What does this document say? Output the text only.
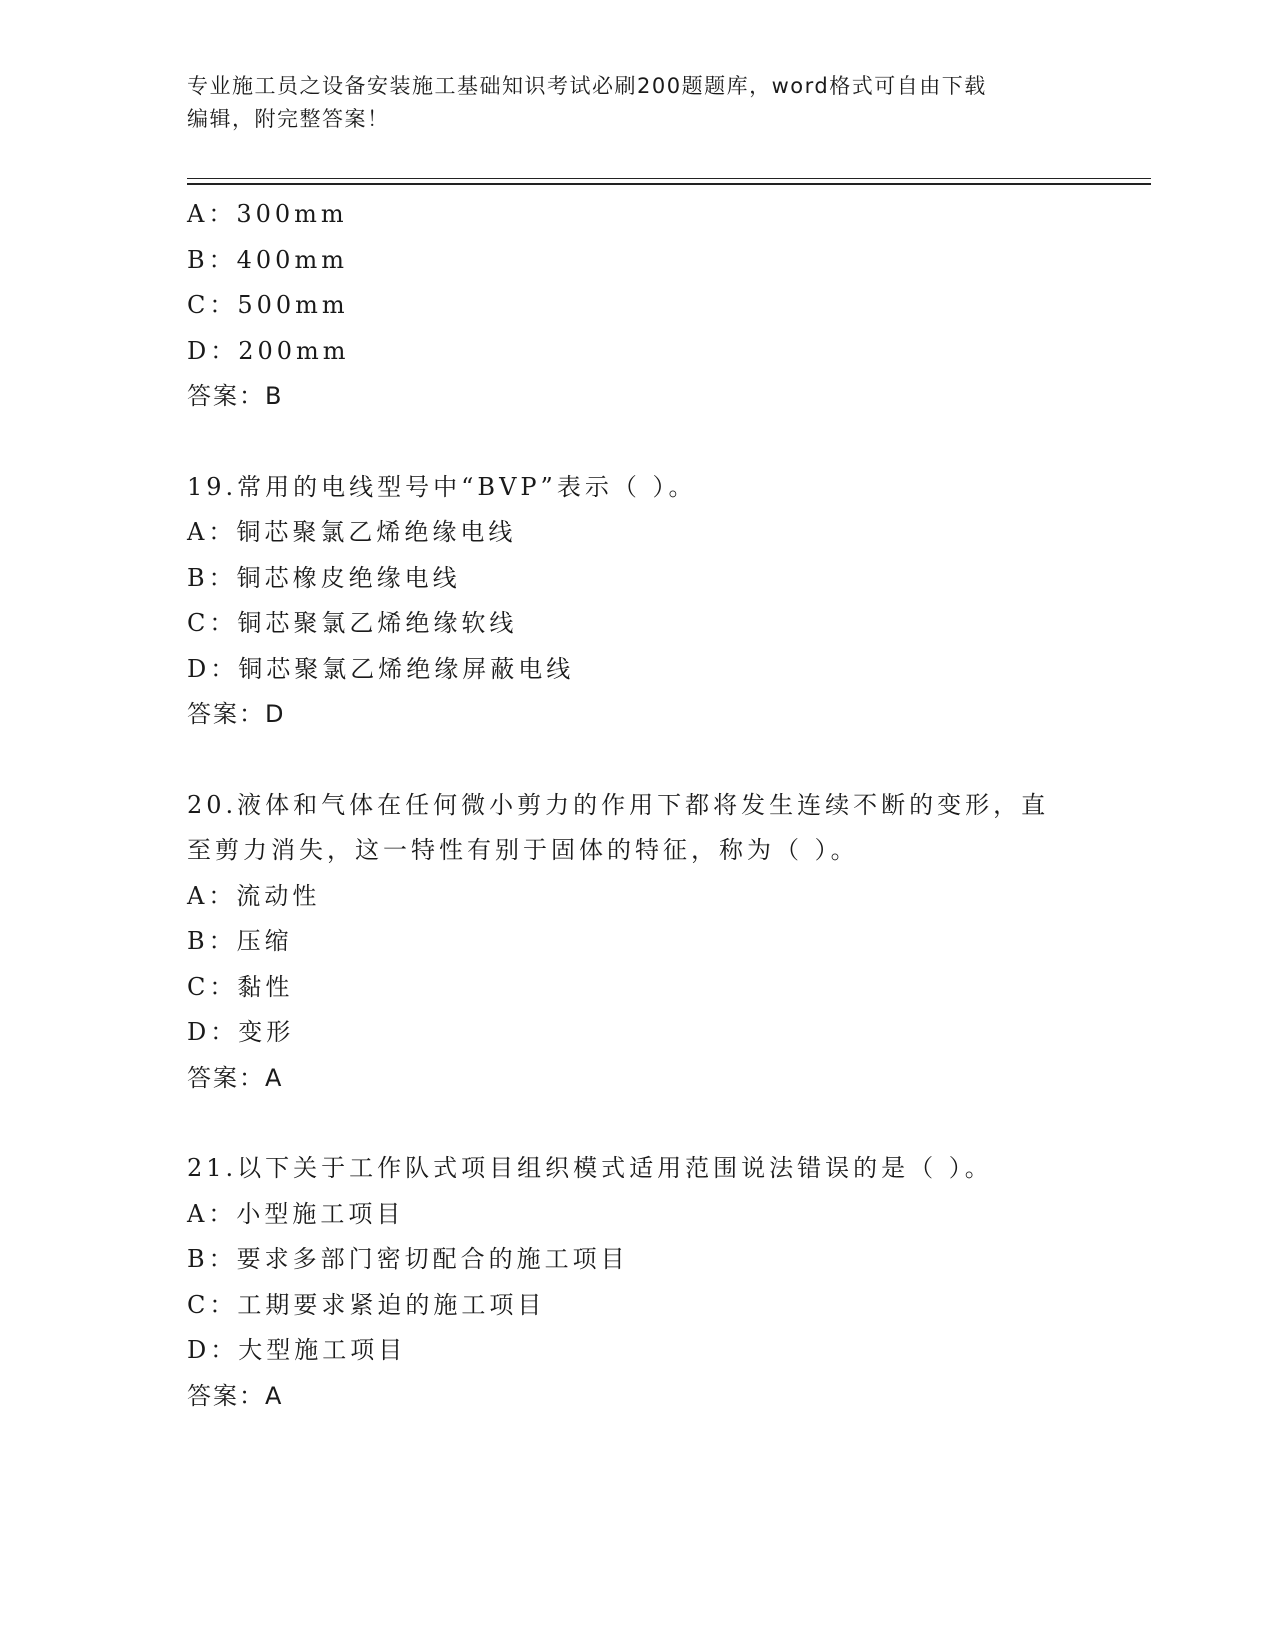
专业施工员之设备安装施工基础知识考试必刷200题题库，word格式可自由下载
编辑，附完整答案！
A：300mm
B：400mm
C：500mm
D：200mm
答案：B
19.常用的电线型号中“BVP”表示（ ）。
A：铜芯聚氯乙烯绝缘电线
B：铜芯橡皮绝缘电线
C：铜芯聚氯乙烯绝缘软线
D：铜芯聚氯乙烯绝缘屏蔽电线
答案：D
20.液体和气体在任何微小剪力的作用下都将发生连续不断的变形，直
至剪力消失，这一特性有别于固体的特征，称为（ ）。
A：流动性
B：压缩
C：黏性
D：变形
答案：A
21.以下关于工作队式项目组织模式适用范围说法错误的是（ ）。
A：小型施工项目
B：要求多部门密切配合的施工项目
C：工期要求紧迫的施工项目
D：大型施工项目
答案：A
